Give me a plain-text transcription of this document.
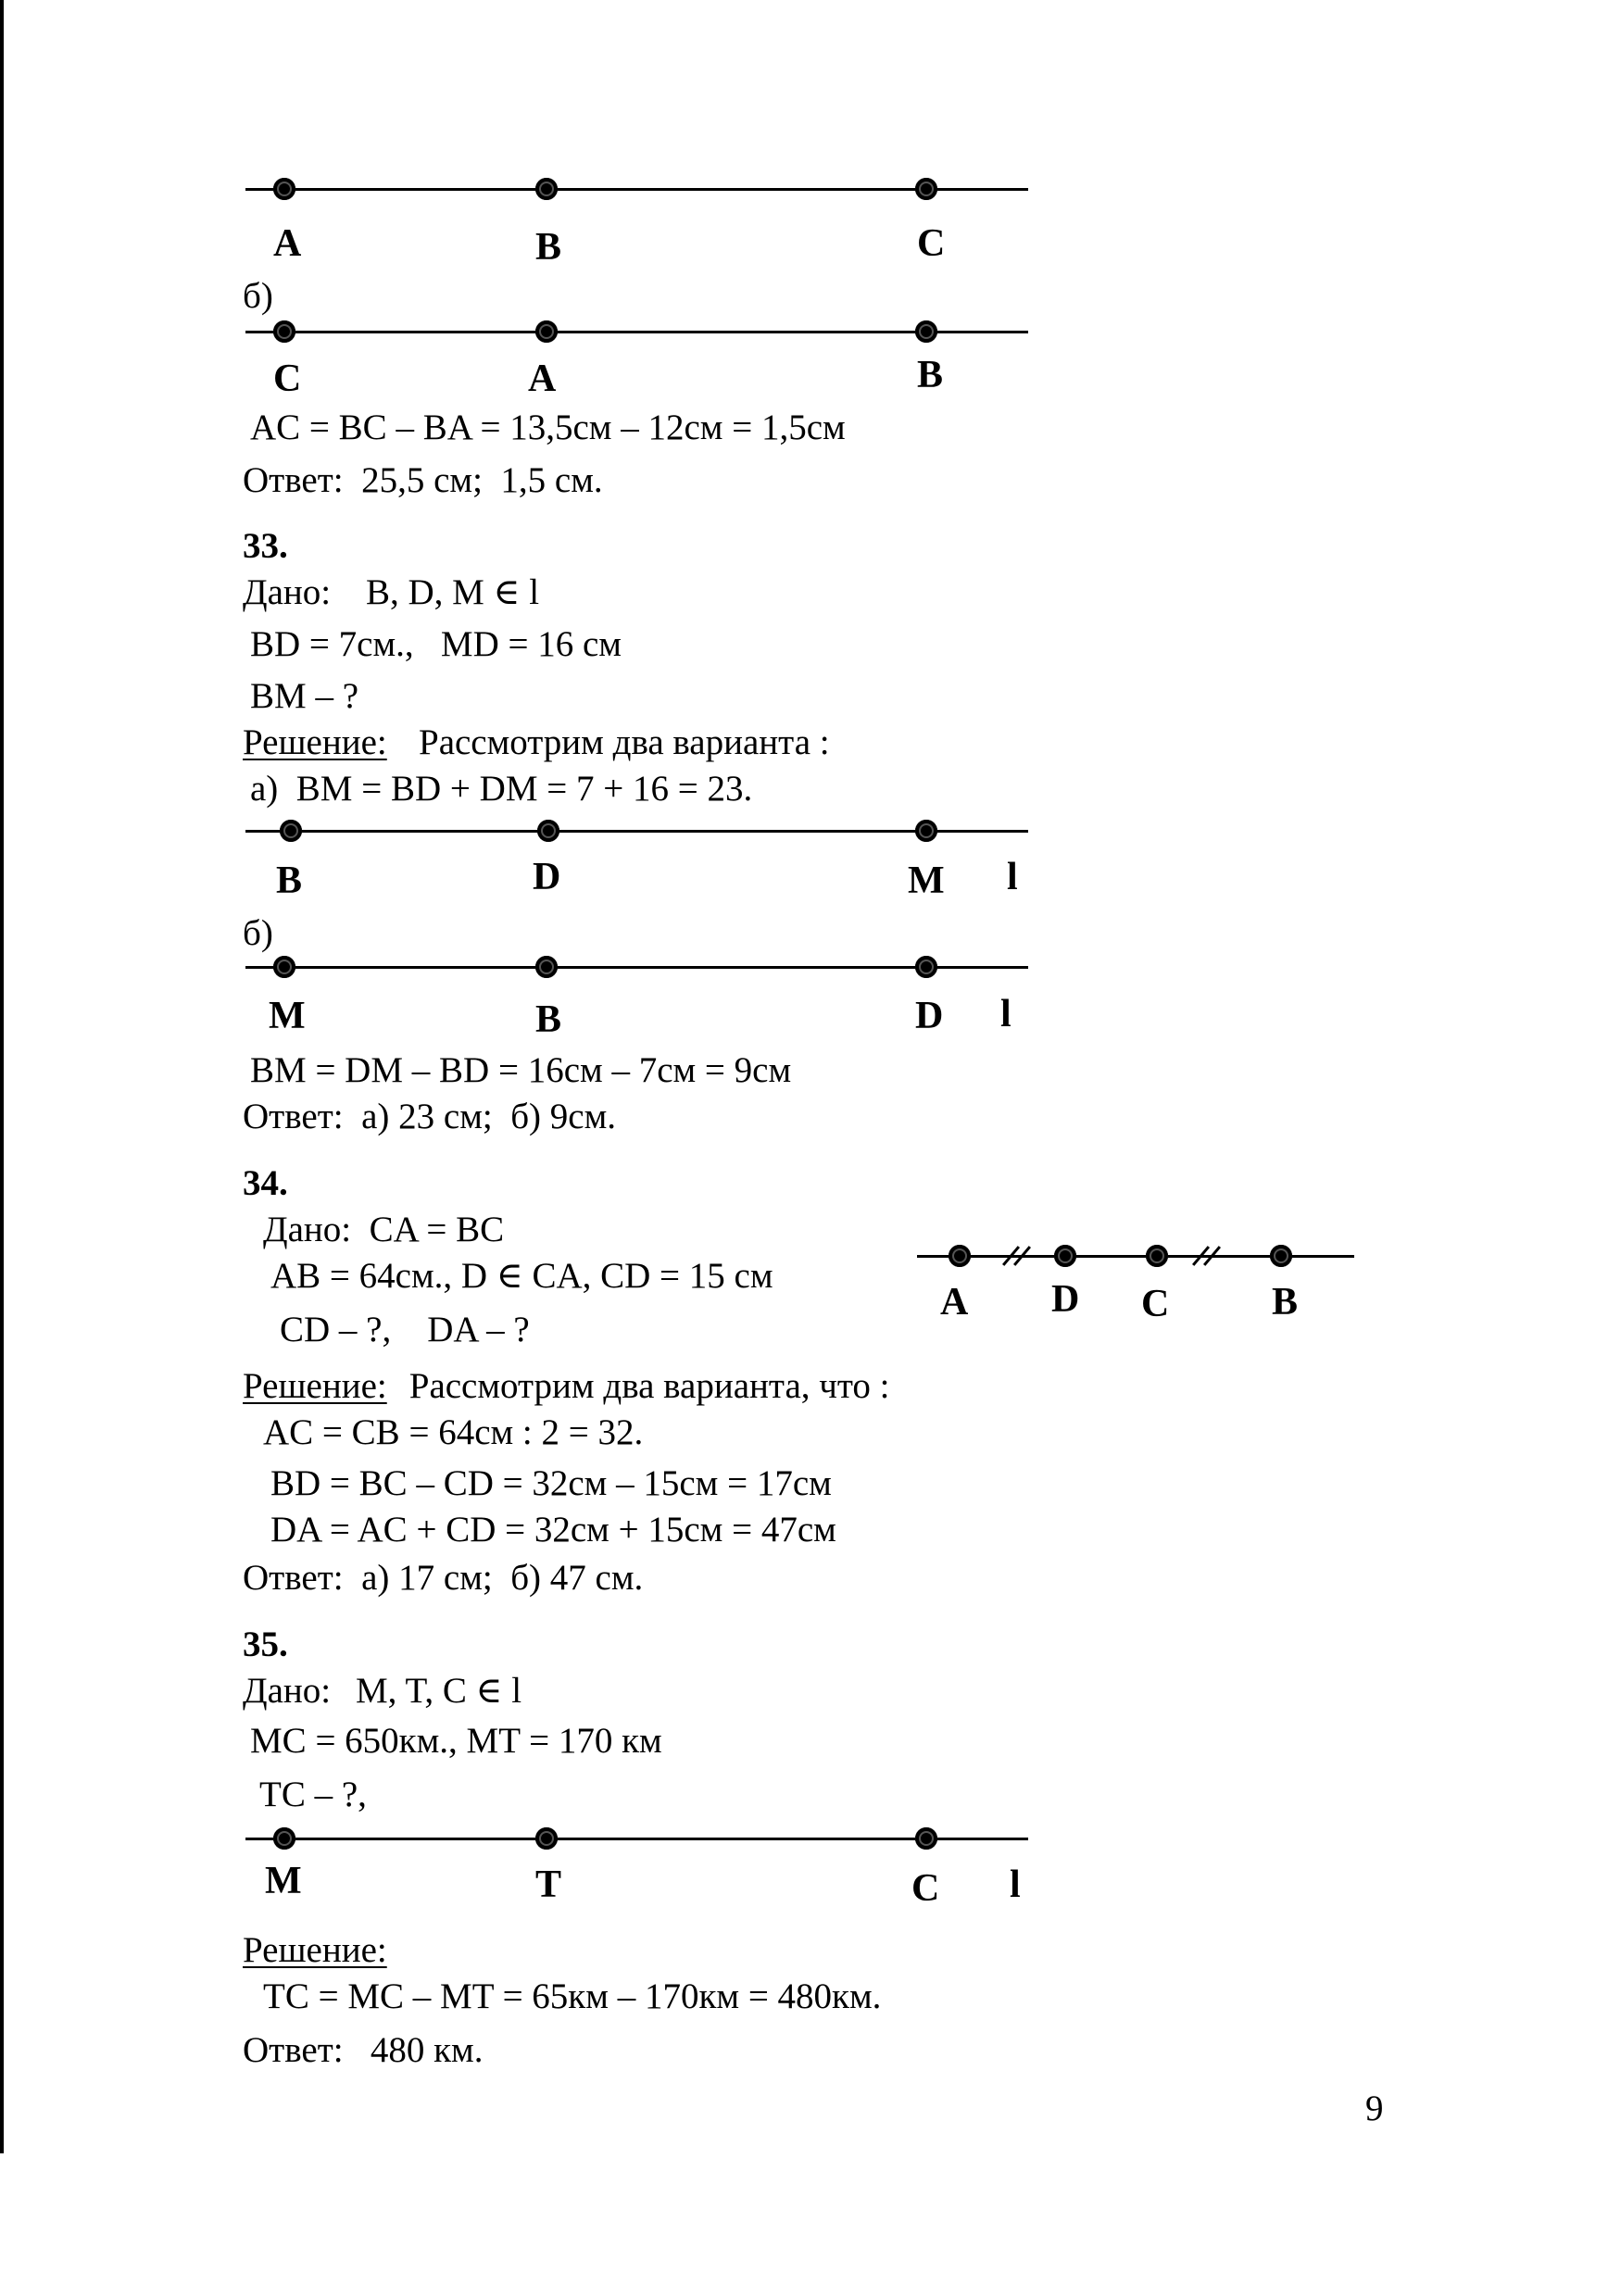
A	B	C
б)
C	A	B
AC = BC – BA = 13,5см – 12см = 1,5см
Ответ:  25,5 см;  1,5 см.
33.
Дано: B, D, M ∈ l
BD = 7см.,   MD = 16 см
BM – ?
Решение: Рассмотрим два варианта :
а)  BM = BD + DM = 7 + 16 = 23.
B	D	M l
б)
M	B	D l
BM = DM – BD = 16см – 7см = 9см
Ответ:  а) 23 см;  б) 9см.
34.
Дано:  CA = BC
AB = 64см., D ∈ CA, CD = 15 см
CD – ?,    DA – ?
A D C	B
Решение: Рассмотрим два варианта, что :
AC = CB = 64см : 2 = 32.
BD = BC – CD = 32см – 15см = 17см
DA = AC + CD = 32см + 15см = 47см
Ответ:  а) 17 см;  б) 47 см.
35.
Дано: M, T, C ∈ l
MC = 650км., MT = 170 км
TC – ?,
M	T	C l
Решение:
TC = MC – MT = 65км – 170км = 480км.
Ответ:   480 км.
9
